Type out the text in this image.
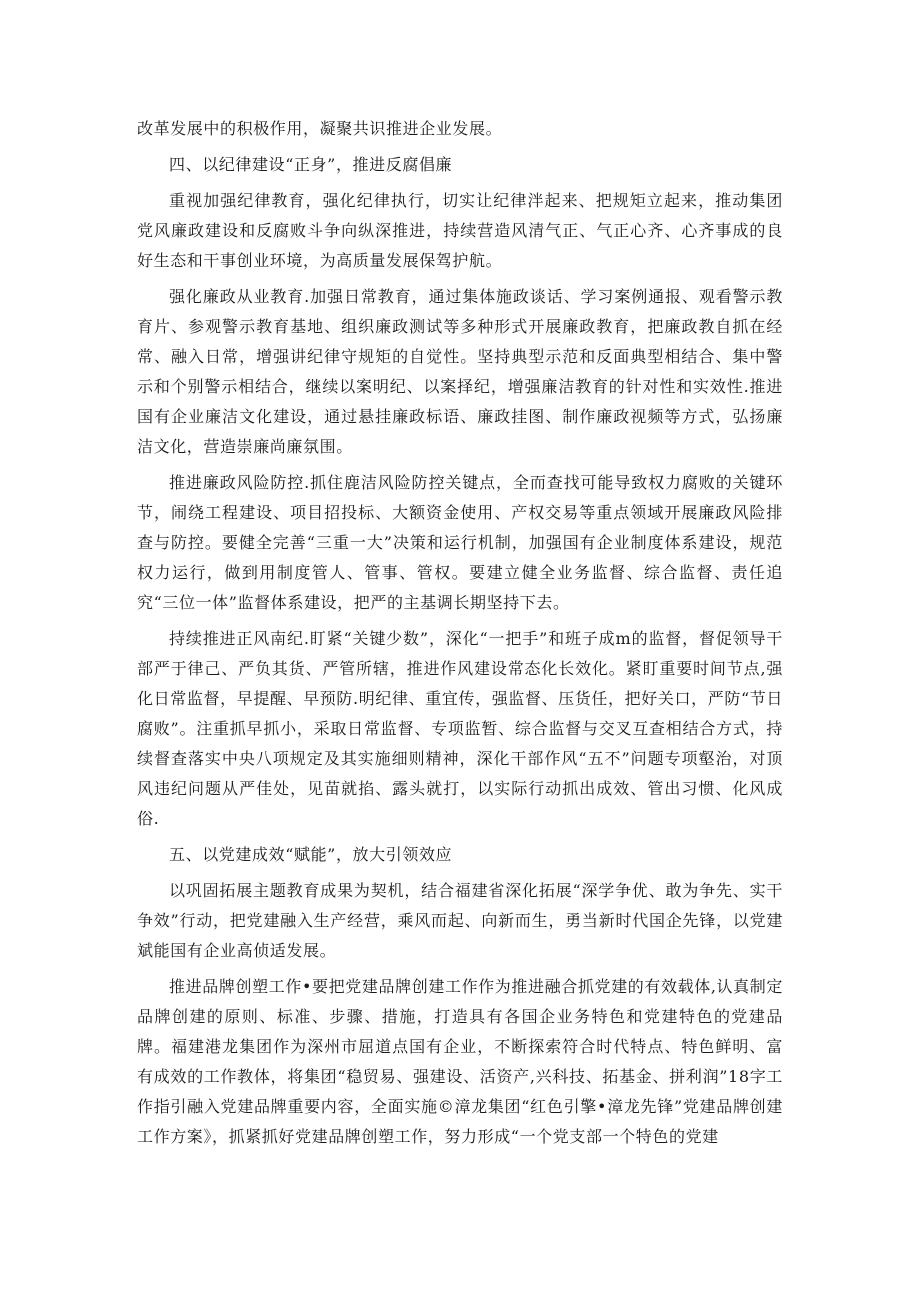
改革发展中的积极作用，凝聚共识推进企业发展。

四、以纪律建设“正身”，推进反腐倡廉

重视加强纪律教育，强化纪律执行，切实让纪律泮起来、把规矩立起来，推动集团党风廉政建设和反腐败斗争向纵深推进，持续营造风清气正、气正心齐、心齐事成的良好生态和干事创业环境，为高质量发展保驾护航。

强化廉政从业教育.加强日常教育，通过集体施政谈话、学习案例通报、观看警示教育片、参观警示教育基地、组织廉政测试等多种形式开展廉政教育，把廉政教自抓在经常、融入日常，增强讲纪律守规矩的自觉性。坚持典型示范和反面典型相结合、集中警示和个别警示相结合，继续以案明纪、以案择纪，增强廉洁教育的针对性和实效性.推进国有企业廉洁文化建设，通过悬挂廉政标语、廉政挂图、制作廉政视频等方式，弘扬廉洁文化，营造崇廉尚廉氛围。

推进廉政风险防控.抓住鹿洁风险防控关键点，全而查找可能导致权力腐败的关键环节，闹绕工程建设、项目招投标、大额资金使用、产权交易等重点领域开展廉政风险排查与防控。要健全完善“三重一大”决策和运行机制，加强国有企业制度体系建设，规范权力运行，做到用制度管人、管事、管权。要建立健全业务监督、综合监督、责任追究“三位一体”监督体系建设，把严的主基调长期坚持下去。

持续推进正风南纪.盯紧“关键少数”，深化“一把手”和班子成m的监督，督促领导干部严于律己、严负其货、严管所辖，推进作风建设常态化长效化。紧盯重要时间节点,强化日常监督，早提醒、早预防.明纪律、重宜传，强监督、压货任，把好关口，严防“节日腐败”。注重抓早抓小，采取日常监督、专项监暂、综合监督与交叉互查相结合方式，持续督查落实中央八项规定及其实施细则精神，深化干部作风“五不”问题专项壑治，对顶风违纪问题从严佳处，见苗就掐、露头就打，以实际行动抓出成效、管出习惯、化风成俗.

五、以党建成效“赋能”，放大引领效应

以巩固拓展主题教育成果为契机，结合福建省深化拓展“深学争优、敢为争先、实干争效”行动，把党建融入生产经营，乘风而起、向新而生，勇当新时代国企先锋，以党建斌能国有企业高侦适发展。

推进品牌创塑工作•要把党建品牌创建工作作为推进融合抓党建的有效载体,认真制定品牌创建的原则、标准、步骤、措施，打造具有各国企业务特色和党建特色的党建品牌。福建港龙集团作为深州市屈道点国有企业，不断探索符合时代特点、特色鲜明、富有成效的工作教体，将集团“稳贸易、强建设、活资产,兴科技、拓基金、拼利润”18字工作指引融入党建品牌重要内容，全面实施©漳龙集团“红色引擎•漳龙先锋”党建品牌创建工作方案》，抓紧抓好党建品牌创塑工作，努力形成“一个党支部一个特色的党建
